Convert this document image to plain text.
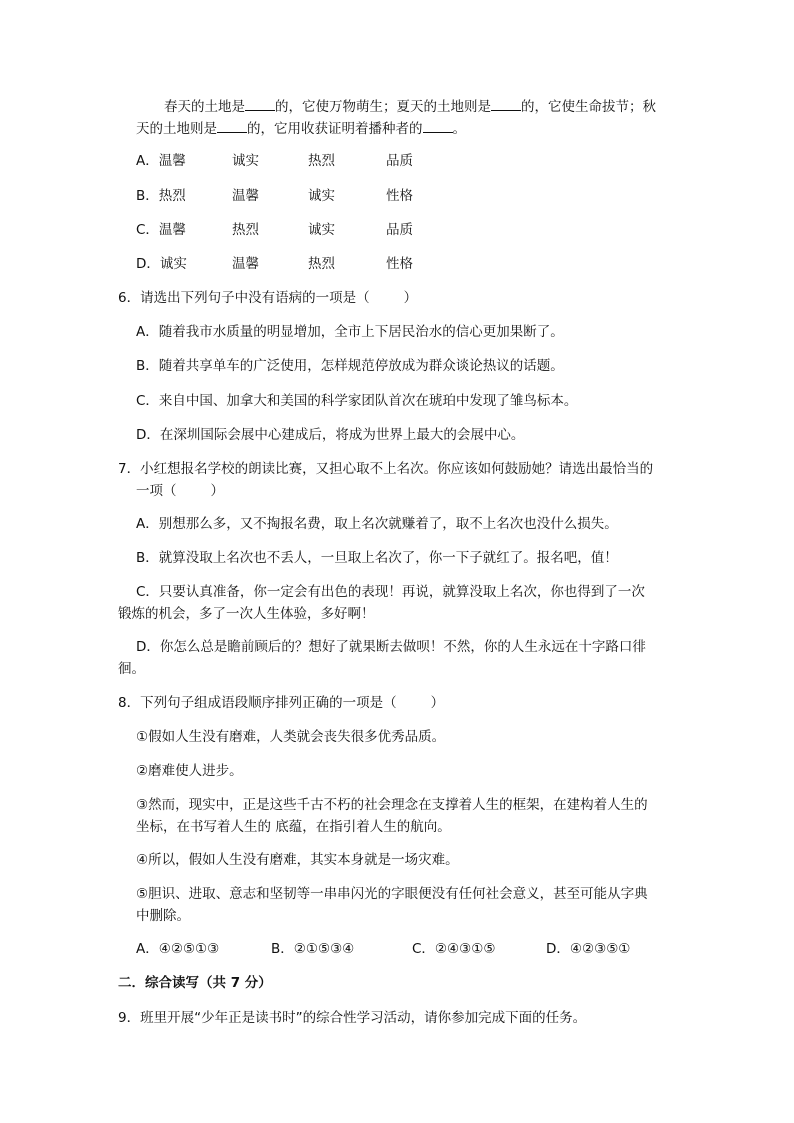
春天的土地是 的，它使万物萌生；夏天的土地则是 的，它使生命拔节；秋
天的土地则是 的，它用收获证明着播种者的 。
A．温馨	诚实	热烈	品质
B．热烈	温馨	诚实	性格
C．温馨	热烈	诚实	品质
D．诚实	温馨	热烈	性格
6．请选出下列句子中没有语病的一项是（	）
A．随着我市水质量的明显增加，全市上下居民治水的信心更加果断了。
B．随着共享单车的广泛使用，怎样规范停放成为群众谈论热议的话题。
C．来自中国、加拿大和美国的科学家团队首次在琥珀中发现了雏鸟标本。
D．在深圳国际会展中心建成后，将成为世界上最大的会展中心。
7．小红想报名学校的朗读比赛，又担心取不上名次。你应该如何鼓励她？请选出最恰当的
一项（	）
A．别想那么多，又不掏报名费，取上名次就赚着了，取不上名次也没什么损失。
B．就算没取上名次也不丢人，一旦取上名次了，你一下子就红了。报名吧，值！
C．只要认真准备，你一定会有出色的表现！再说，就算没取上名次，你也得到了一次
锻炼的机会，多了一次人生体验，多好啊！
D．你怎么总是瞻前顾后的？想好了就果断去做呗！不然，你的人生永远在十字路口徘
徊。
8．下列句子组成语段顺序排列正确的一项是（	）
①假如人生没有磨难，人类就会丧失很多优秀品质。
②磨难使人进步。
③然而，现实中，正是这些千古不朽的社会理念在支撑着人生的框架，在建构着人生的
坐标，在书写着人生的 底蕴，在指引着人生的航向。
④所以，假如人生没有磨难，其实本身就是一场灾难。
⑤胆识、进取、意志和坚韧等一串串闪光的字眼便没有任何社会意义，甚至可能从字典
中删除。
A．④②⑤①③	B．②①⑤③④	C．②④③①⑤	D．④②③⑤①
二．综合读写（共 7 分）
9．班里开展“少年正是读书时”的综合性学习活动，请你参加完成下面的任务。
